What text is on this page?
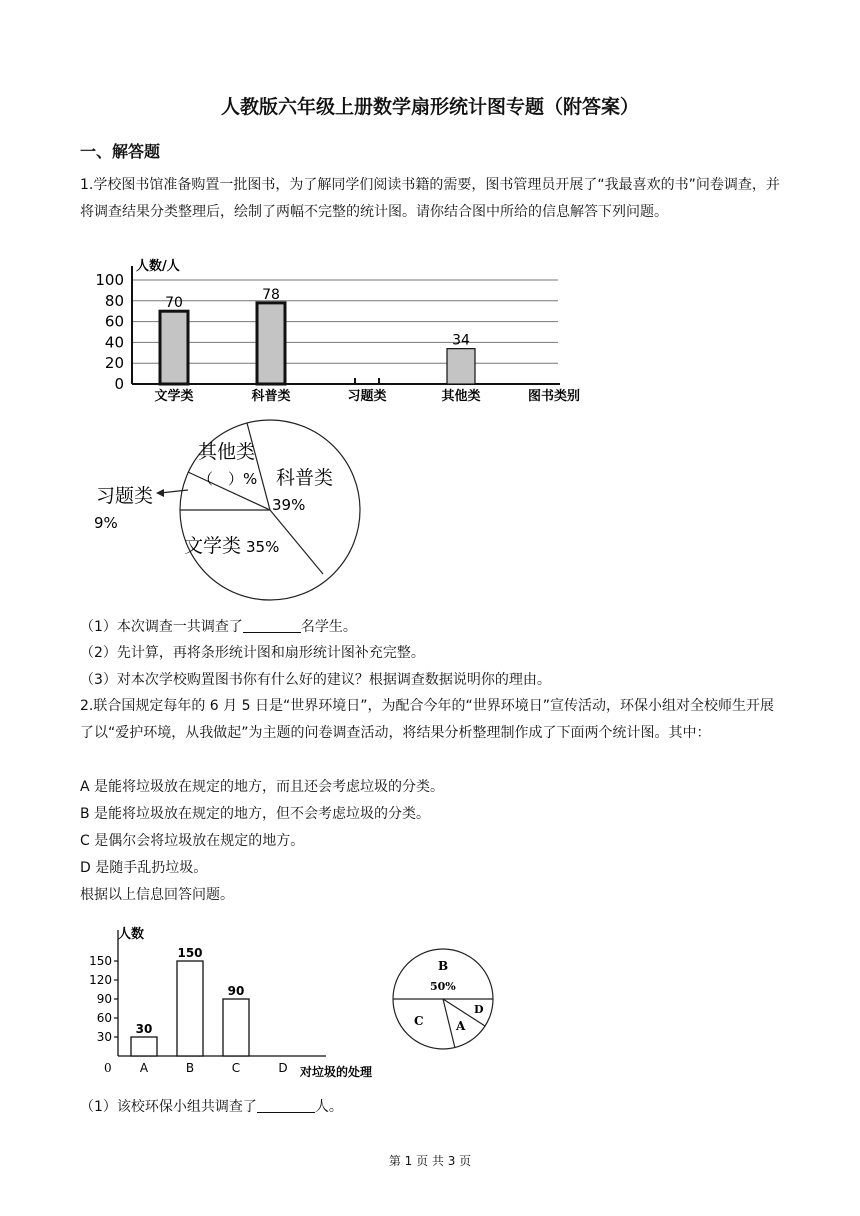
人教版六年级上册数学扇形统计图专题（附答案）
一、解答题

1.学校图书馆准备购置一批图书，为了解同学们阅读书籍的需要，图书管理员开展了“我最喜欢的书”问卷调查，并将调查结果分类整理后，绘制了两幅不完整的统计图。请你结合图中所给的信息解答下列问题。

人数/人
0
20
40
60
80
100
70
78
34
文学类	科普类	习题类	其他类	图书类别
其他类
（　）% 科普类
39%
习题类
9%
文学类 35%
（1）本次调查一共调查了	名学生。
（2）先计算，再将条形统计图和扇形统计图补充完整。
（3）对本次学校购置图书你有什么好的建议？根据调查数据说明你的理由。

2.联合国规定每年的 6 月 5 日是“世界环境日”，为配合今年的“世界环境日”宣传活动，环保小组对全校师生开展了以“爱护环境，从我做起”为主题的问卷调查活动，将结果分析整理制作成了下面两个统计图。其中：

A 是能将垃圾放在规定的地方，而且还会考虑垃圾的分类。
B 是能将垃圾放在规定的地方，但不会考虑垃圾的分类。
C 是偶尔会将垃圾放在规定的地方。
D 是随手乱扔垃圾。
根据以上信息回答问题。
人数
30
60
90
120
150
30
150
90
A	B	C	D
0	对垃圾的处理
B
50%
C	A
D
（1）该校环保小组共调查了	人。
第 1 页 共 3 页
